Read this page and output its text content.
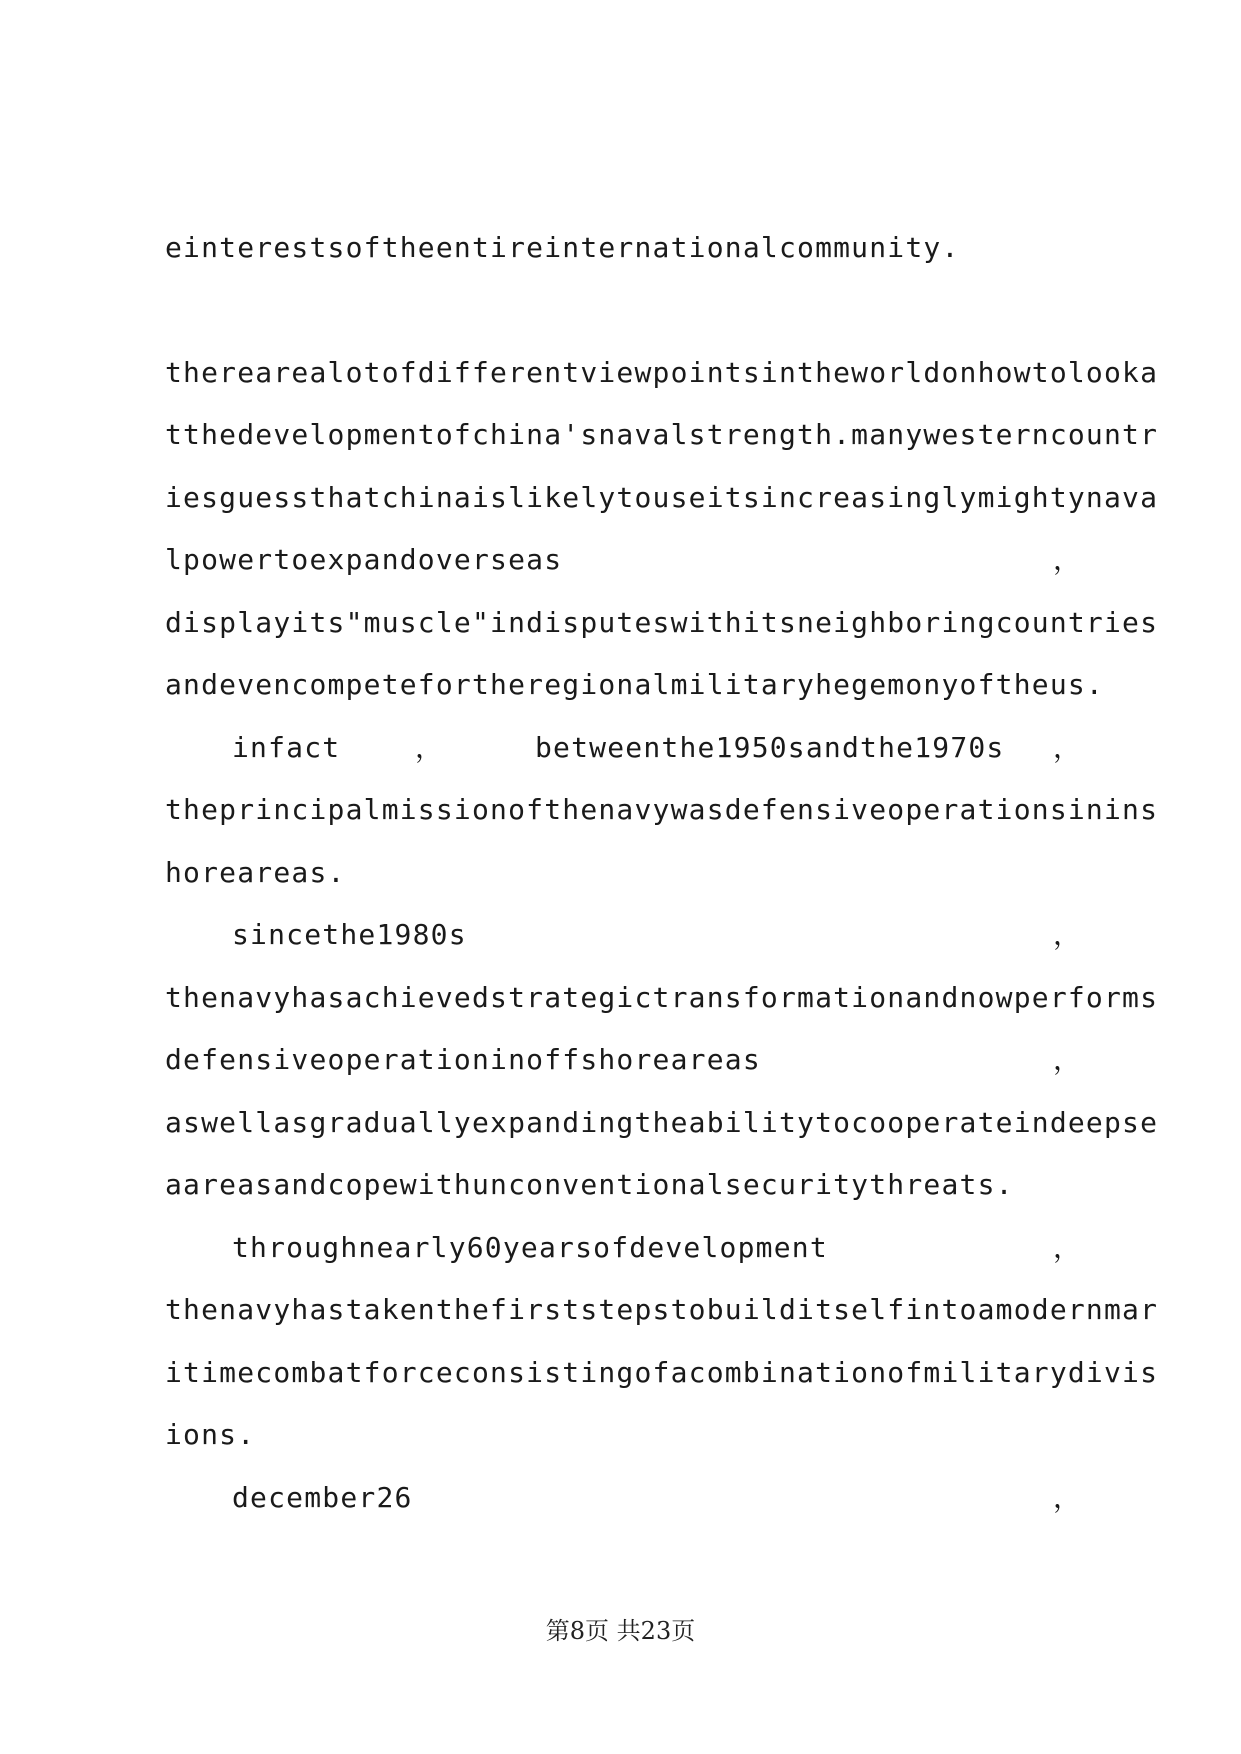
einterestsoftheentireinternationalcommunity.
therearealotofdifferentviewpointsintheworldonhowtolooka
tthedevelopmentofchina'snavalstrength.manywesterncountr
iesguessthatchinaislikelytouseitsincreasinglymightynava
lpowertoexpandoverseas	，
displayits"muscle"indisputeswithitsneighboringcountries
andevencompetefortheregionalmilitaryhegemonyoftheus.
infact	，	betweenthe1950sandthe1970s ，
theprincipalmissionofthenavywasdefensiveoperationsinins
horeareas.
sincethe1980s	，
thenavyhasachievedstrategictransformationandnowperforms
defensiveoperationinoffshoreareas	，
aswellasgraduallyexpandingtheabilitytocooperateindeepse
aareasandcopewithunconventionalsecuritythreats.
throughnearly60yearsofdevelopment	，
thenavyhastakenthefirststepstobuilditselfintoamodernmar
itimecombatforceconsistingofacombinationofmilitarydivis
ions.
december26	，
第8页 共23页
